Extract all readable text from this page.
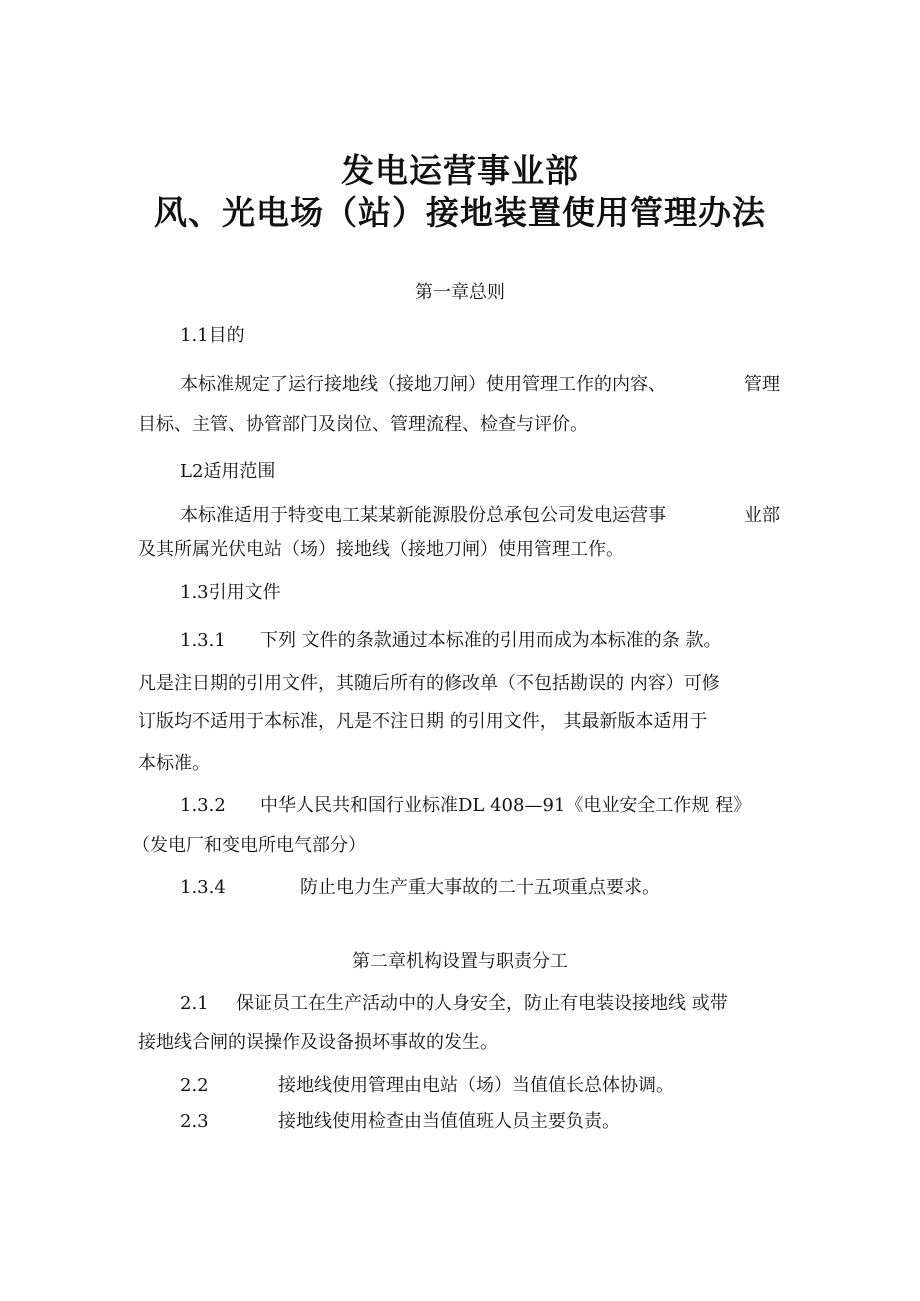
发电运营事业部
风、光电场（站）接地装置使用管理办法
第一章总则
1.1目的
本标准规定了运行接地线（接地刀闸）使用管理工作的内容、	管理
目标、主管、协管部门及岗位、管理流程、检查与评价。
L2适用范围
本标准适用于特变电工某某新能源股份总承包公司发电运营事	业部
及其所属光伏电站（场）接地线（接地刀闸）使用管理工作。
1.3引用文件
1.3.1 下列 文件的条款通过本标准的引用而成为本标准的条 款。
凡是注日期的引用文件，其随后所有的修改单（不包括勘误的 内容）可修
订版均不适用于本标准，凡是不注日期 的引用文件， 其最新版本适用于
本标准。
1.3.2 中华人民共和国行业标准DL 408—91《电业安全工作规 程》
（发电厂和变电所电气部分）
1.3.4	防止电力生产重大事故的二十五项重点要求。
第二章机构设置与职责分工
2.1 保证员工在生产活动中的人身安全，防止有电装设接地线 或带
接地线合闸的误操作及设备损坏事故的发生。
2.2	接地线使用管理由电站（场）当值值长总体协调。
2.3	接地线使用检查由当值值班人员主要负责。
